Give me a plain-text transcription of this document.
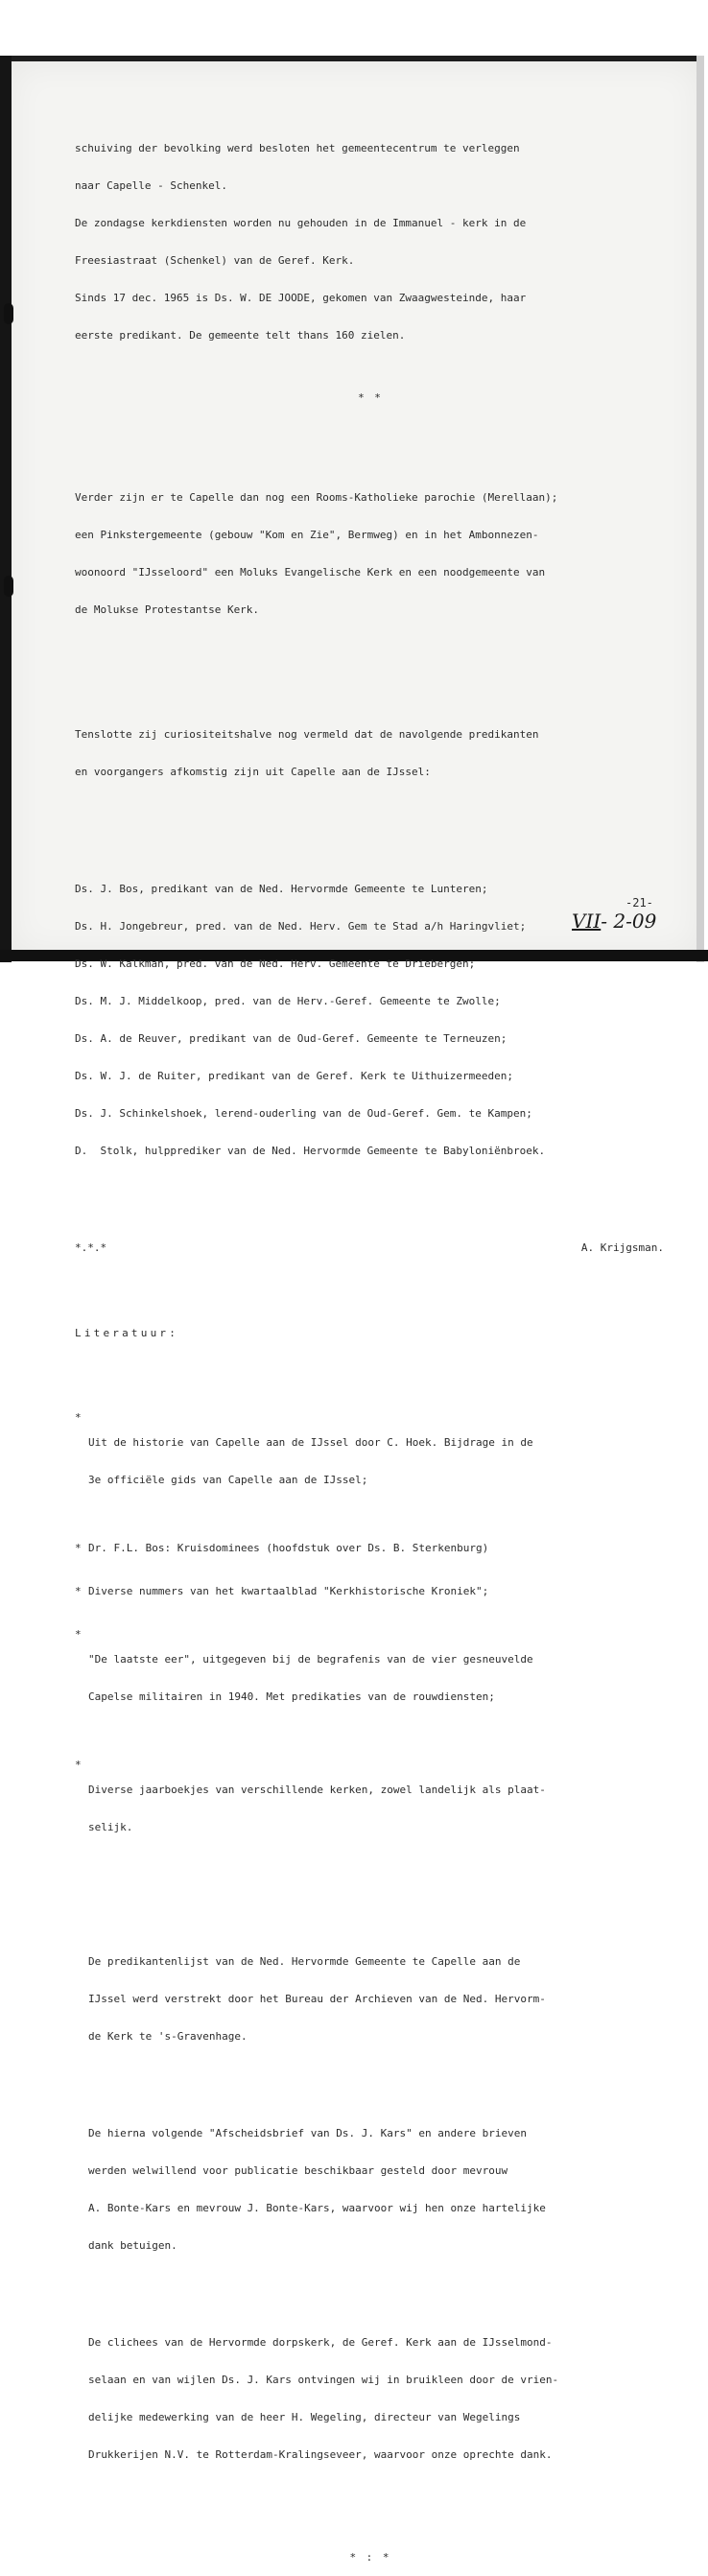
schuiving der bevolking werd besloten het gemeentecentrum te verleggen

naar Capelle - Schenkel.

De zondagse kerkdiensten worden nu gehouden in de Immanuel - kerk in de

Freesiastraat (Schenkel) van de Geref. Kerk.

Sinds 17 dec. 1965 is Ds. W. DE JOODE, gekomen van Zwaagwesteinde, haar

eerste predikant. De gemeente telt thans 160 zielen.

* *

Verder zijn er te Capelle dan nog een Rooms-Katholieke parochie (Merellaan);

een Pinkstergemeente (gebouw "Kom en Zie", Bermweg) en in het Ambonnezen-

woonoord "IJsseloord" een Moluks Evangelische Kerk en een noodgemeente van

de Molukse Protestantse Kerk.

Tenslotte zij curiositeitshalve nog vermeld dat de navolgende predikanten

en voorgangers afkomstig zijn uit Capelle aan de IJssel:

Ds. J. Bos, predikant van de Ned. Hervormde Gemeente te Lunteren;

Ds. H. Jongebreur, pred. van de Ned. Herv. Gem te Stad a/h Haringvliet;

Ds. W. Kalkman, pred. van de Ned. Herv. Gemeente te Driebergen;

Ds. M. J. Middelkoop, pred. van de Herv.-Geref. Gemeente te Zwolle;

Ds. A. de Reuver, predikant van de Oud-Geref. Gemeente te Terneuzen;

Ds. W. J. de Ruiter, predikant van de Geref. Kerk te Uithuizermeeden;

Ds. J. Schinkelshoek, lerend-ouderling van de Oud-Geref. Gem. te Kampen;

D.  Stolk, hulpprediker van de Ned. Hervormde Gemeente te Babyloniënbroek.

*.*.*	A. Krijgsman.

Literatuur:

*

Uit de historie van Capelle aan de IJssel door C. Hoek. Bijdrage in de

3e officiële gids van Capelle aan de IJssel;

* Dr. F.L. Bos: Kruisdominees (hoofdstuk over Ds. B. Sterkenburg)

* Diverse nummers van het kwartaalblad "Kerkhistorische Kroniek";

*

"De laatste eer", uitgegeven bij de begrafenis van de vier gesneuvelde

Capelse militairen in 1940. Met predikaties van de rouwdiensten;

*

Diverse jaarboekjes van verschillende kerken, zowel landelijk als plaat-

selijk.

De predikantenlijst van de Ned. Hervormde Gemeente te Capelle aan de

IJssel werd verstrekt door het Bureau der Archieven van de Ned. Hervorm-

de Kerk te 's-Gravenhage.

De hierna volgende "Afscheidsbrief van Ds. J. Kars" en andere brieven

werden welwillend voor publicatie beschikbaar gesteld door mevrouw

A. Bonte-Kars en mevrouw J. Bonte-Kars, waarvoor wij hen onze hartelijke

dank betuigen.

De clichees van de Hervormde dorpskerk, de Geref. Kerk aan de IJsselmond-

selaan en van wijlen Ds. J. Kars ontvingen wij in bruikleen door de vrien-

delijke medewerking van de heer H. Wegeling, directeur van Wegelings

Drukkerijen N.V. te Rotterdam-Kralingseveer, waarvoor onze oprechte dank.

* : *

-21-
VII- 2-09
